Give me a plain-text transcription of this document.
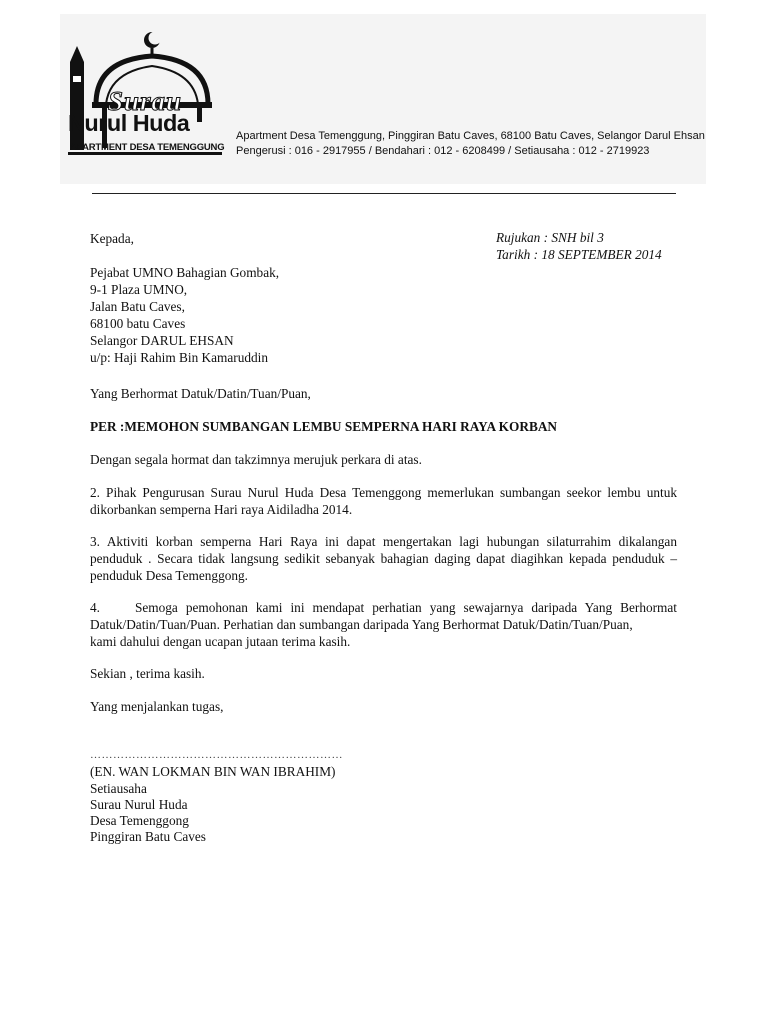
Surau
Nurul Huda
APARTMENT DESA TEMENGGUNG
Apartment Desa Temenggung, Pinggiran Batu Caves, 68100 Batu Caves, Selangor Darul Ehsan
Pengerusi : 016 - 2917955 / Bendahari : 012 - 6208499 / Setiausaha : 012 - 2719923
Kepada,	Rujukan : SNH bil 3
Tarikh : 18 SEPTEMBER 2014
Pejabat UMNO Bahagian Gombak,
9-1 Plaza UMNO,
Jalan Batu Caves,
68100 batu Caves
Selangor DARUL EHSAN
u/p: Haji Rahim Bin Kamaruddin
Yang Berhormat Datuk/Datin/Tuan/Puan,
PER :MEMOHON SUMBANGAN LEMBU SEMPERNA HARI RAYA KORBAN
Dengan segala hormat dan takzimnya merujuk perkara di atas.
2. Pihak Pengurusan Surau Nurul Huda Desa Temenggong memerlukan sumbangan seekor lembu untuk dikorbankan semperna Hari raya Aidiladha 2014.
3. Aktiviti korban semperna Hari Raya ini dapat mengertakan lagi hubungan silaturrahim dikalangan penduduk . Secara tidak langsung sedikit sebanyak bahagian daging dapat diagihkan kepada penduduk – penduduk Desa Temenggong.
4.	Semoga pemohonan kami ini mendapat perhatian yang sewajarnya daripada Yang Berhormat
Datuk/Datin/Tuan/Puan. Perhatian dan sumbangan daripada Yang Berhormat Datuk/Datin/Tuan/Puan,
kami dahului dengan ucapan jutaan terima kasih.
Sekian , terima kasih.
Yang menjalankan tugas,
…………………………………………………………
(EN. WAN LOKMAN BIN WAN IBRAHIM)
Setiausaha
Surau Nurul Huda
Desa Temenggong
Pinggiran Batu Caves
